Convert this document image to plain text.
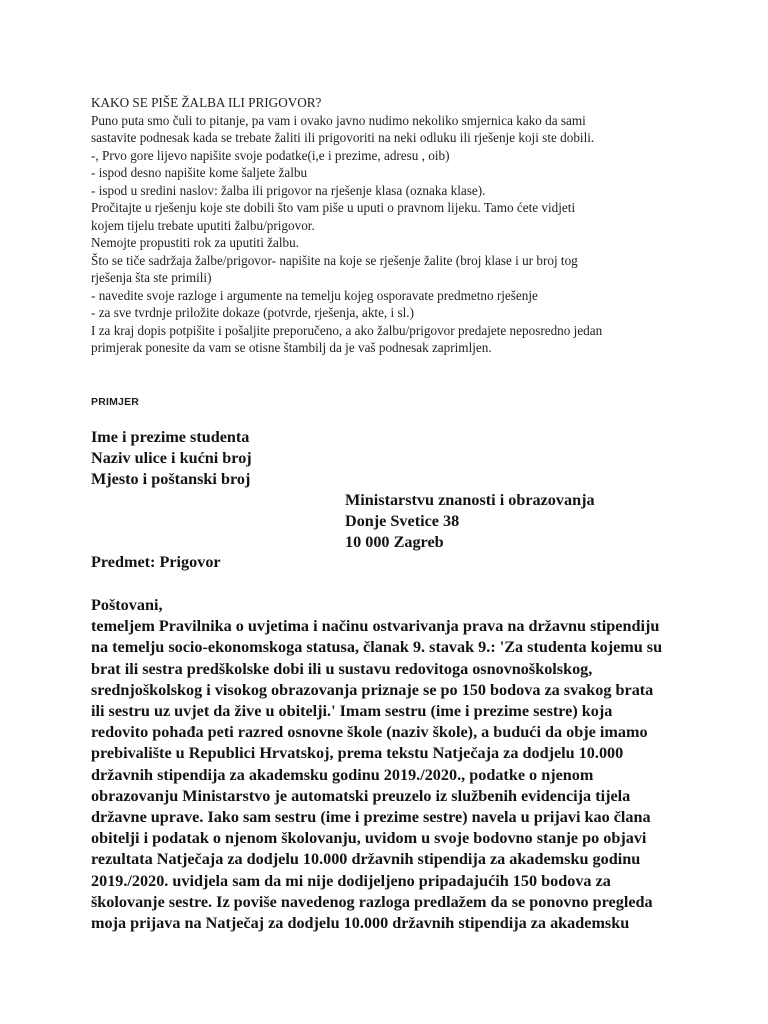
KAKO SE PIŠE ŽALBA ILI PRIGOVOR?

Puno puta smo čuli to pitanje, pa vam i ovako javno nudimo nekoliko smjernica kako da sami

sastavite podnesak kada se trebate žaliti ili prigovoriti na neki odluku ili rješenje koji ste dobili.

-, Prvo gore lijevo napišite svoje podatke(i,e i prezime, adresu , oib)

- ispod desno napišite kome šaljete žalbu

- ispod u sredini naslov: žalba ili prigovor na rješenje klasa (oznaka klase).

Pročitajte u rješenju koje ste dobili što vam piše u uputi o pravnom lijeku. Tamo ćete vidjeti

kojem tijelu trebate uputiti žalbu/prigovor.

Nemojte propustiti rok za uputiti žalbu.

Što se tiče sadržaja žalbe/prigovor- napišite na koje se rješenje žalite (broj klase i ur broj tog

rješenja šta ste primili)

- navedite svoje razloge i argumente na temelju kojeg osporavate predmetno rješenje

- za sve tvrdnje priložite dokaze (potvrde, rješenja, akte, i sl.)

I za kraj dopis potpišite i pošaljite preporučeno, a ako žalbu/prigovor predajete neposredno jedan

primjerak ponesite da vam se otisne štambilj da je vaš podnesak zaprimljen.

PRIMJER

Ime i prezime studenta

Naziv ulice i kućni broj

Mjesto i poštanski broj

Ministarstvu znanosti i obrazovanja

Donje Svetice 38

10 000 Zagreb

Predmet: Prigovor

Poštovani,

temeljem Pravilnika o uvjetima i načinu ostvarivanja prava na državnu stipendiju

na temelju socio-ekonomskoga statusa, članak 9. stavak 9.: 'Za studenta kojemu su

brat ili sestra predškolske dobi ili u sustavu redovitoga osnovnoškolskog,

srednjoškolskog i visokog obrazovanja priznaje se po 150 bodova za svakog brata

ili sestru uz uvjet da žive u obitelji.' Imam sestru (ime i prezime sestre) koja

redovito pohađa peti razred osnovne škole (naziv škole), a budući da obje imamo

prebivalište u Republici Hrvatskoj, prema tekstu Natječaja za dodjelu 10.000

državnih stipendija za akademsku godinu 2019./2020., podatke o njenom

obrazovanju Ministarstvo je automatski preuzelo iz službenih evidencija tijela

državne uprave. Iako sam sestru (ime i prezime sestre) navela u prijavi kao člana

obitelji i podatak o njenom školovanju, uvidom u svoje bodovno stanje po objavi

rezultata Natječaja za dodjelu 10.000 državnih stipendija za akademsku godinu

2019./2020. uvidjela sam da mi nije dodijeljeno pripadajućih 150 bodova za

školovanje sestre. Iz poviše navedenog razloga predlažem da se ponovno pregleda

moja prijava na Natječaj za dodjelu 10.000 državnih stipendija za akademsku
